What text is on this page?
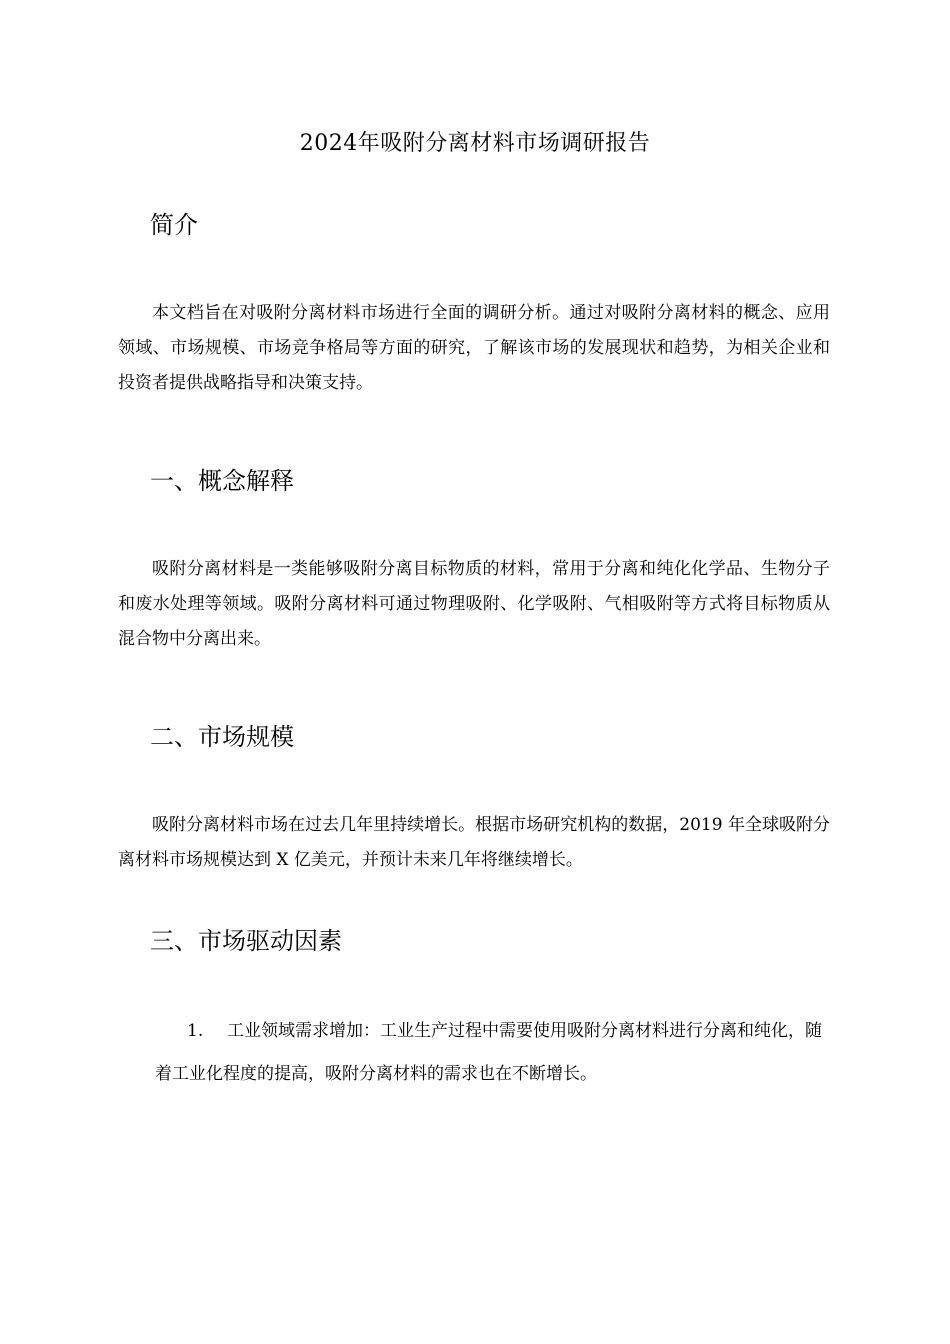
2024年吸附分离材料市场调研报告
简介

本文档旨在对吸附分离材料市场进行全面的调研分析。通过对吸附分离材料的概念、应用领域、市场规模、市场竞争格局等方面的研究，了解该市场的发展现状和趋势，为相关企业和投资者提供战略指导和决策支持。

一、概念解释

吸附分离材料是一类能够吸附分离目标物质的材料，常用于分离和纯化化学品、生物分子和废水处理等领域。吸附分离材料可通过物理吸附、化学吸附、气相吸附等方式将目标物质从混合物中分离出来。

二、市场规模

吸附分离材料市场在过去几年里持续增长。根据市场研究机构的数据，2019 年全球吸附分离材料市场规模达到 X 亿美元，并预计未来几年将继续增长。

三、市场驱动因素

1. 工业领域需求增加：工业生产过程中需要使用吸附分离材料进行分离和纯化，随着工业化程度的提高，吸附分离材料的需求也在不断增长。
